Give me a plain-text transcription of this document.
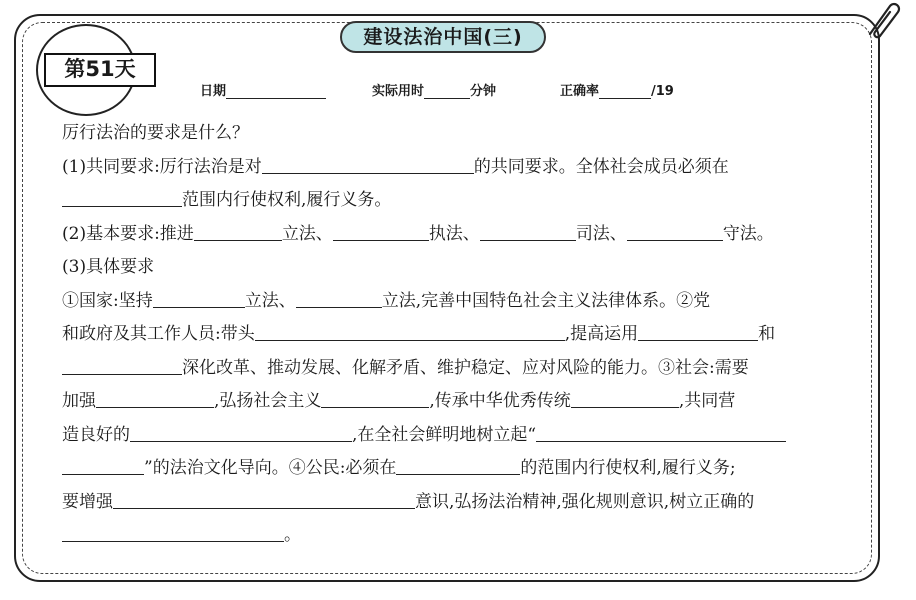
建设法治中国(三)
第51天
日期	实际用时	分钟	正确率	/19
厉行法治的要求是什么？
(1)共同要求:厉行法治是对	的共同要求。全体社会成员必须在
范围内行使权利,履行义务。
(2)基本要求:推进	立法、	执法、	司法、	守法。
(3)具体要求
①国家:坚持	立法、	立法,完善中国特色社会主义法律体系。②党
和政府及其工作人员:带头	,提高运用	和
深化改革、推动发展、化解矛盾、维护稳定、应对风险的能力。③社会:需要
加强	,弘扬社会主义	,传承中华优秀传统	,共同营
造良好的	,在全社会鲜明地树立起“
”的法治文化导向。④公民:必须在	的范围内行使权利,履行义务;
要增强	意识,弘扬法治精神,强化规则意识,树立正确的
。
